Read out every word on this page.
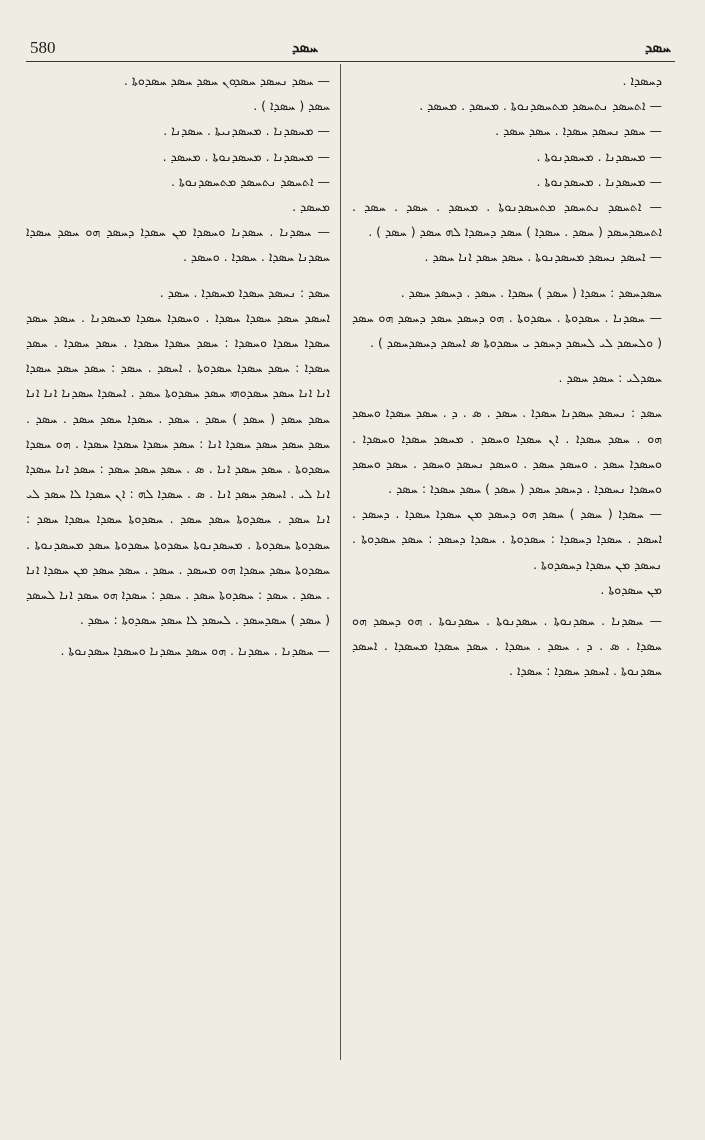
580	ܚܣܕ	ܚܣܕ

— ܚܣܕ ܢܚܣܕ ܚܣܕܘܢ ܚܣܕ ܚܣܕ ܚܣܕܘܬܐ .

ܚܣܕ ( ܚܣܕܐ ) .

— ܡܚܣܕܢܐ . ܡܚܣܕܢܝܬܐ . ܚܣܕܢܐ .

— ܡܚܣܕܢܐ . ܡܚܣܕܢܘܬܐ . ܡܚܣܕ .

— ܐܬܚܣܕ ܢܬܚܣܕ ܡܬܚܣܕܢܘܬܐ .

ܡܚܣܕ .

— ܚܣܕܢܐ . ܚܣܕܢܐ ܘܚܣܕܐ ܡܢ ܚܣܕܐ ܕܚܣܕ ܗܘ ܚܣܕ ܚܣܕܐ ܚܣܕܢܐ ܚܣܕܐ . ܚܣܕܐ . ܘܚܣܕ .

ܚܣܕ : ܢܚܣܕ ܚܣܕܐ ܡܚܣܕܐ . ܚܣܕ .

ܐܚܣܕ ܚܣܕ ܚܣܕܐ ܚܣܕܐ . ܘܚܣܕܐ ܚܣܕܐ ܡܚܣܕܢܐ . ܚܣܕ ܚܣܕ ܚܣܕܐ ܚܣܕܐ ܘܚܣܕܐ : ܚܣܕ ܚܣܕܐ ܚܣܕܐ . ܚܣܕ ܚܣܕܐ . ܚܣܕ ܚܣܕܐ : ܚܣܕ ܚܣܕܐ ܚܣܕܘܬܐ . ܐܚܣܕ . ܚܣܕ : ܚܣܕ ܚܣܕ ܚܣܕܐ ܐܢܐ ܐܢܐ ܚܣܕ ܚܣܕܘܗܝ ܚܣܕ ܚܣܕܘܬܐ ܚܣܕ . ܐܚܣܕܐ ܚܣܕܢܐ ܐܢܐ ܐܢܐ ܚܣܕ ܚܣܕ ( ܚܣܕ ) ܚܣܕ . ܚܣܕ . ܚܣܕܐ ܚܣܕ ܚܣܕ . ܚܣܕ . ܚܣܕ ܚܣܕ ܚܣܕ ܚܣܕܐ ܐܢܐ : ܚܣܕ ܚܣܕܐ ܚܣܕܐ ܚܣܕܐ . ܗܘ ܚܣܕܐ ܚܣܕܘܬܐ . ܚܣܕ ܚܣܕ ܐܢܐ . ܣ . ܚܣܕ ܚܣܕ ܚܣܕ : ܚܣܕ ܐܢܐ ܚܣܕܐ ܐܢܐ ܠܝ . ܐܚܣܕ ܚܣܕ ܐܢܐ . ܣ . ܚܣܕܐ ܠܗ : ܐܢ ܚܣܕܐ ܠܐ ܚܣܕ ܠܝ ܐܢܐ ܚܣܕ . ܚܣܕܘܬܐ ܚܣܕ ܚܣܕ . ܚܣܕܘܬܐ ܚܣܕܐ ܚܣܕܐ ܚܣܕ : ܚܣܕܘܬܐ ܚܣܕܘܬܐ . ܡܚܣܕܢܘܬܐ ܚܣܕܘܬܐ ܚܣܕܘܬܐ ܚܣܕ ܡܚܣܕܢܘܬܐ . ܚܣܕܘܬܐ ܚܣܕ ܚܣܕܐ ܗܘ ܡܚܣܕ . ܚܣܕ . ܚܣܕ ܚܣܕ ܡܢ ܚܣܕܐ ܐܢܐ . ܚܣܕ . ܚܣܕ : ܚܣܕܘܬܐ ܚܣܕ . ܚܣܕ : ܚܣܕܐ ܗܘ ܚܣܕ ܐܢܐ ܠܚܣܕ ( ܚܣܕ ) ܚܣܕܚܣܕ . ܠܚܣܕ ܠܐ ܚܣܕ ܚܣܕܘܬܐ : ܚܣܕ .

— ܚܣܕܢܐ . ܚܣܕܢܐ . ܗܘ ܚܣܕ ܚܣܕܢܐ ܘܚܣܕܐ ܚܣܕܢܘܬܐ .

ܕܚܣܕܐ .

— ܐܬܚܣܕ ܢܬܚܣܕ ܡܬܚܣܕܢܘܬܐ . ܡܚܣܕ . ܡܚܣܕ .

— ܚܣܕ ܢܚܣܕ ܚܣܕܐ . ܚܣܕ ܚܣܕ .

— ܡܚܣܕܢܐ . ܡܚܣܕܢܘܬܐ .

— ܡܚܣܕܢܐ . ܡܚܣܕܢܘܬܐ .

— ܐܬܚܣܕ ܢܬܚܣܕ ܡܬܚܣܕܢܘܬܐ . ܡܚܣܕ . ܚܣܕ . ܚܣܕ . ܐܬܚܣܕܚܣܕ ( ܚܣܕ . ܚܣܕܐ ) ܚܣܕ ܕܚܣܕܐ ܠܗ ܚܣܕ ( ܚܣܕ ) .

— ܐܚܣܕ ܢܚܣܕ ܡܚܣܕܢܘܬܐ . ܚܣܕ ܚܣܕ ܐܢܐ ܚܣܕ .

ܚܣܕܚܣܕ : ܚܣܕܐ ( ܚܣܕ ) ܚܣܕܐ . ܚܣܕ . ܕܚܣܕ ܚܣܕ .

— ܚܣܕܢܐ . ܚܣܕܘܬܐ . ܚܣܕܘܬܐ . ܗܘ ܕܚܣܕ ܚܣܕ ܕܚܣܕ ܗܘ ܚܣܕ ( ܘܠܚܣܕ ܠܝ ܠܚܣܕ ܕܚܣܕ ܝ ܚܣܕܘܬܐ ܣ ܐܚܣܕ ܕܚܣܕܚܣܕ ) .

ܚܣܕܠܝ : ܚܣܕ ܚܣܕ .

ܚܣܕ : ܢܚܣܕ ܚܣܕܢܐ ܚܣܕܐ . ܚܣܕ . ܣ . ܕ . ܚܣܕ ܚܣܕܐ ܘܚܣܕ ܗܘ . ܚܣܕ ܚܣܕܐ . ܐܢ ܚܣܕܐ ܘܚܣܕ . ܡܚܣܕ ܚܣܕܐ ܘܚܣܕܐ . ܘܚܣܕܐ ܚܣܕ . ܘܚܣܕ ܚܣܕ . ܘܚܣܕ ܢܚܣܕ ܘܚܣܕ . ܚܣܕ ܘܚܣܕ ܘܚܣܕܐ ܢܚܣܕܐ . ܕܚܣܕ ܚܣܕ ( ܚܣܕ ) ܚܣܕ ܚܣܕܐ : ܚܣܕ .

— ܚܣܕܐ ( ܚܣܕ ) ܚܣܕ ܗܘ ܕܚܣܕ ܡܢ ܚܣܕܐ ܚܣܕܐ . ܕܚܣܕ . ܐܚܣܕ . ܚܣܕܐ ܕܚܣܕܐ : ܚܣܕܘܬܐ . ܚܣܕܐ ܕܚܣܕ : ܚܣܕ ܚܣܕܘܬܐ . ܢܚܣܕ ܡܢ ܚܣܕܐ ܕܚܣܕܘܬܐ .

ܡܢ ܚܣܕܘܬܐ .

— ܚܣܕܢܐ . ܚܣܕܢܘܬܐ . ܚܣܕܢܘܬܐ . ܚܣܕܢܘܬܐ . ܗܘ ܕܚܣܕ ܗܘ ܚܣܕܐ . ܣ . ܕ . ܚܣܕ . ܚܣܕܐ . ܚܣܕ ܚܣܕܐ ܡܚܣܕܐ . ܐܚܣܕ ܚܣܕܢܘܬܐ . ܐܚܣܕ ܚܣܕܐ : ܚܣܕܐ .
